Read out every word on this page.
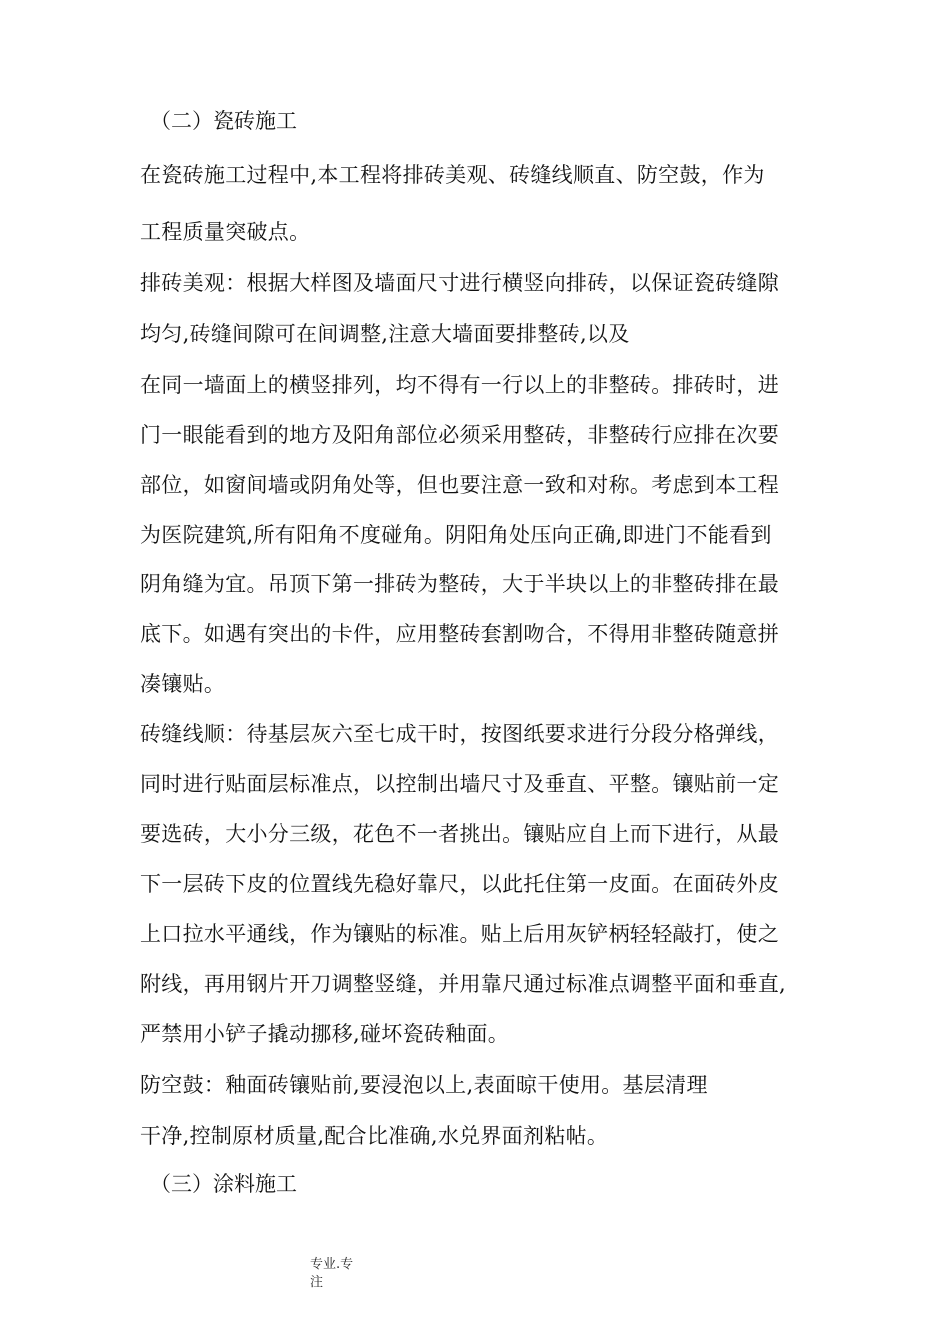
（二）瓷砖施工
在瓷砖施工过程中,本工程将排砖美观、砖缝线顺直、防空鼓，作为
工程质量突破点。
排砖美观：根据大样图及墙面尺寸进行横竖向排砖，以保证瓷砖缝隙
均匀,砖缝间隙可在间调整,注意大墙面要排整砖,以及
在同一墙面上的横竖排列，均不得有一行以上的非整砖。排砖时，进
门一眼能看到的地方及阳角部位必须采用整砖，非整砖行应排在次要
部位，如窗间墙或阴角处等，但也要注意一致和对称。考虑到本工程
为医院建筑,所有阳角不度碰角。阴阳角处压向正确,即进门不能看到
阴角缝为宜。吊顶下第一排砖为整砖，大于半块以上的非整砖排在最
底下。如遇有突出的卡件，应用整砖套割吻合，不得用非整砖随意拼
凑镶贴。
砖缝线顺：待基层灰六至七成干时，按图纸要求进行分段分格弹线，
同时进行贴面层标准点，以控制出墙尺寸及垂直、平整。镶贴前一定
要选砖，大小分三级，花色不一者挑出。镶贴应自上而下进行，从最
下一层砖下皮的位置线先稳好靠尺，以此托住第一皮面。在面砖外皮
上口拉水平通线，作为镶贴的标准。贴上后用灰铲柄轻轻敲打，使之
附线，再用钢片开刀调整竖缝，并用靠尺通过标准点调整平面和垂直,
严禁用小铲子撬动挪移,碰坏瓷砖釉面。
防空鼓：釉面砖镶贴前,要浸泡以上,表面晾干使用。基层清理
干净,控制原材质量,配合比准确,水兑界面剂粘帖。
（三）涂料施工
专业.专
注
